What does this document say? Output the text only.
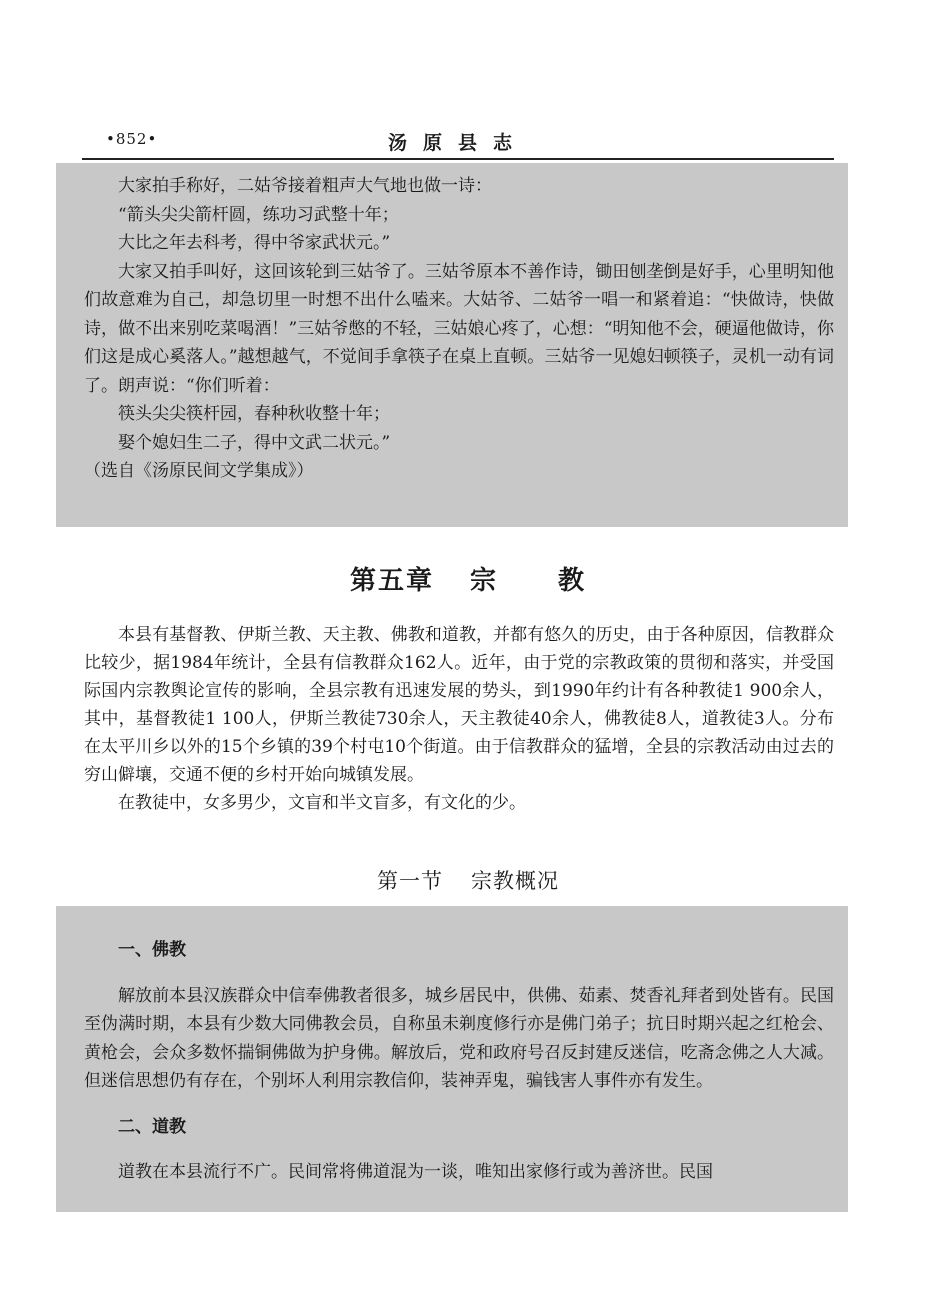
•852•	汤原县志

大家拍手称好，二姑爷接着粗声大气地也做一诗：

“箭头尖尖箭杆圆，练功习武整十年；

大比之年去科考，得中爷家武状元。”

大家又拍手叫好，这回该轮到三姑爷了。三姑爷原本不善作诗，锄田刨垄倒是好手，心里明知他们故意难为自己，却急切里一时想不出什么嗑来。大姑爷、二姑爷一唱一和紧着追：“快做诗，快做诗，做不出来别吃菜喝酒！”三姑爷憋的不轻，三姑娘心疼了，心想：“明知他不会，硬逼他做诗，你们这是成心奚落人。”越想越气，不觉间手拿筷子在桌上直顿。三姑爷一见媳妇顿筷子，灵机一动有词了。朗声说：“你们听着：

筷头尖尖筷杆园，春种秋收整十年；

娶个媳妇生二子，得中文武二状元。”

（选自《汤原民间文学集成》）

第五章 宗 教

本县有基督教、伊斯兰教、天主教、佛教和道教，并都有悠久的历史，由于各种原因，信教群众比较少，据1984年统计，全县有信教群众162人。近年，由于党的宗教政策的贯彻和落实，并受国际国内宗教舆论宣传的影响，全县宗教有迅速发展的势头，到1990年约计有各种教徒1 900余人，其中，基督教徒1 100人，伊斯兰教徒730余人，天主教徒40余人，佛教徒8人，道教徒3人。分布在太平川乡以外的15个乡镇的39个村屯10个街道。由于信教群众的猛增，全县的宗教活动由过去的穷山僻壤，交通不便的乡村开始向城镇发展。

在教徒中，女多男少，文盲和半文盲多，有文化的少。

第一节 宗教概况

一、佛教

解放前本县汉族群众中信奉佛教者很多，城乡居民中，供佛、茹素、焚香礼拜者到处皆有。民国至伪满时期，本县有少数大同佛教会员，自称虽未剃度修行亦是佛门弟子；抗日时期兴起之红枪会、黄枪会，会众多数怀揣铜佛做为护身佛。解放后，党和政府号召反封建反迷信，吃斋念佛之人大减。但迷信思想仍有存在，个别坏人利用宗教信仰，装神弄鬼，骗钱害人事件亦有发生。

二、道教

道教在本县流行不广。民间常将佛道混为一谈，唯知出家修行或为善济世。民国
